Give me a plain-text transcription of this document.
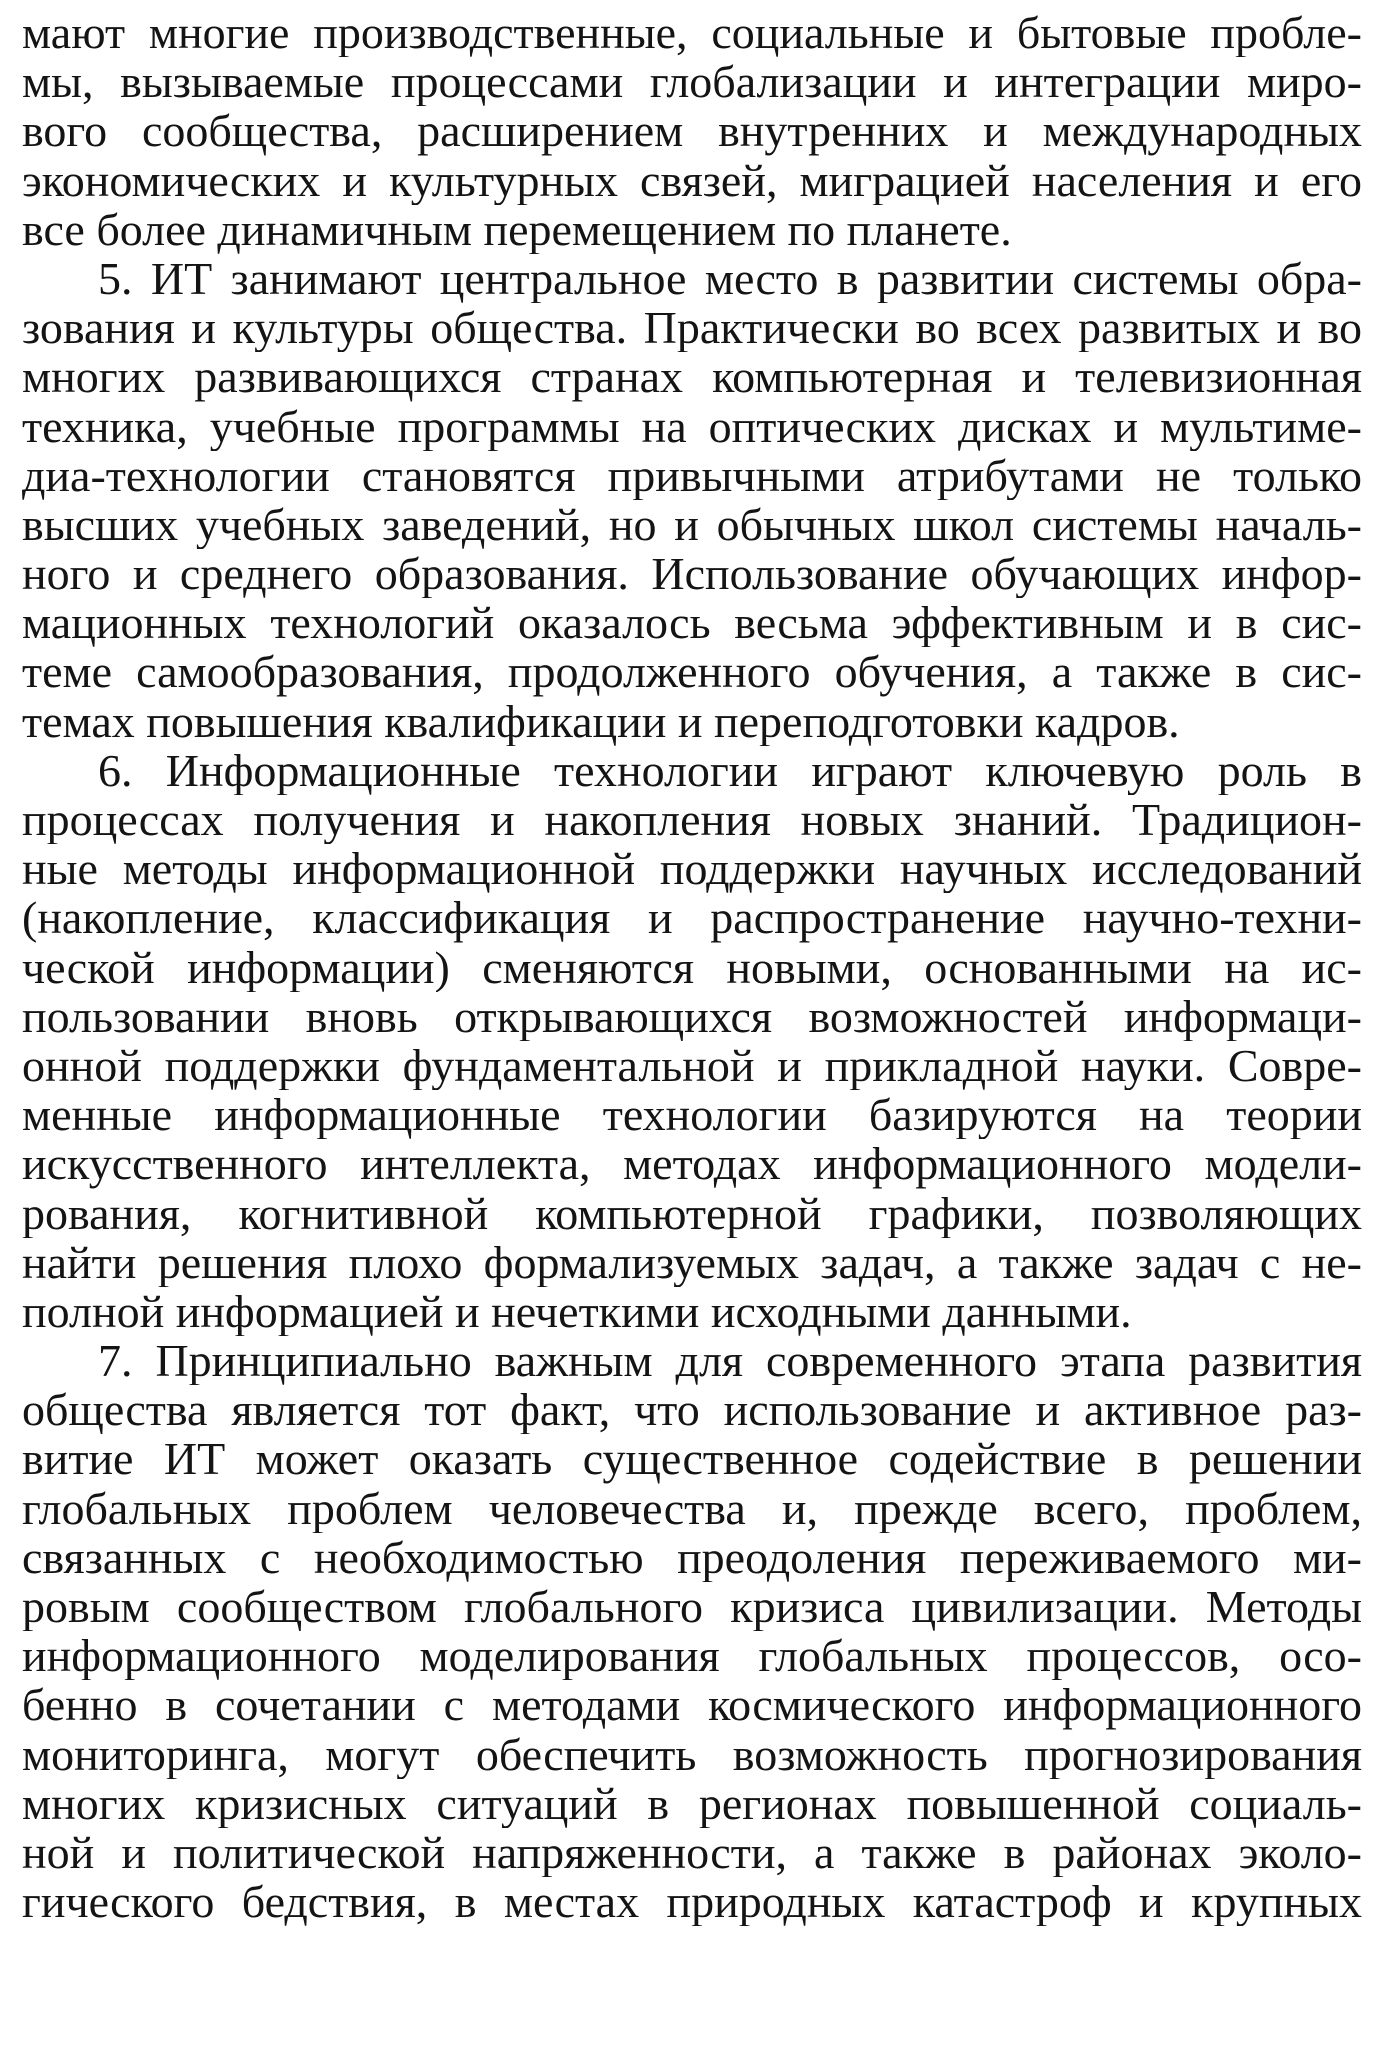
мают многие производственные, социальные и бытовые пробле-
мы, вызываемые процессами глобализации и интеграции миро-
вого сообщества, расширением внутренних и международных
экономических и культурных связей, миграцией населения и его
все более динамичным перемещением по планете.
5. ИТ занимают центральное место в развитии системы обра-
зования и культуры общества. Практически во всех развитых и во
многих развивающихся странах компьютерная и телевизионная
техника, учебные программы на оптических дисках и мультиме-
диа-технологии становятся привычными атрибутами не только
высших учебных заведений, но и обычных школ системы началь-
ного и среднего образования. Использование обучающих инфор-
мационных технологий оказалось весьма эффективным и в сис-
теме самообразования, продолженного обучения, а также в сис-
темах повышения квалификации и переподготовки кадров.
6. Информационные технологии играют ключевую роль в
процессах получения и накопления новых знаний. Традицион-
ные методы информационной поддержки научных исследований
(накопление, классификация и распространение научно-техни-
ческой информации) сменяются новыми, основанными на ис-
пользовании вновь открывающихся возможностей информаци-
онной поддержки фундаментальной и прикладной науки. Совре-
менные информационные технологии базируются на теории
искусственного интеллекта, методах информационного модели-
рования, когнитивной компьютерной графики, позволяющих
найти решения плохо формализуемых задач, а также задач с не-
полной информацией и нечеткими исходными данными.
7. Принципиально важным для современного этапа развития
общества является тот факт, что использование и активное раз-
витие ИТ может оказать существенное содействие в решении
глобальных проблем человечества и, прежде всего, проблем,
связанных с необходимостью преодоления переживаемого ми-
ровым сообществом глобального кризиса цивилизации. Методы
информационного моделирования глобальных процессов, осо-
бенно в сочетании с методами космического информационного
мониторинга, могут обеспечить возможность прогнозирования
многих кризисных ситуаций в регионах повышенной социаль-
ной и политической напряженности, а также в районах эколо-
гического бедствия, в местах природных катастроф и крупных
